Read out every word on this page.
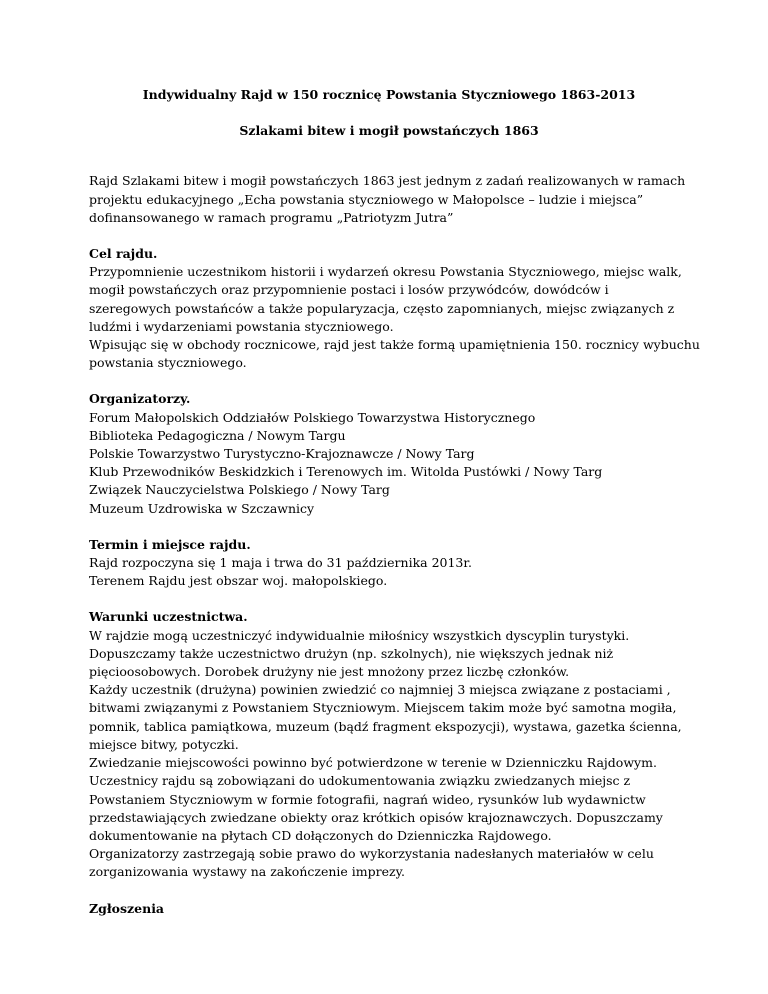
Indywidualny Rajd w 150 rocznicę Powstania Styczniowego 1863-2013

Szlakami bitew i mogił powstańczych 1863

Rajd Szlakami bitew i mogił powstańczych 1863 jest jednym z zadań realizowanych w ramach
projektu edukacyjnego „Echa powstania styczniowego w Małopolsce – ludzie i miejsca”
dofinansowanego w ramach programu „Patriotyzm Jutra”
Cel rajdu.
Przypomnienie uczestnikom historii i wydarzeń okresu Powstania Styczniowego, miejsc walk,
mogił powstańczych oraz przypomnienie postaci i losów przywódców, dowódców i
szeregowych powstańców a także popularyzacja, często zapomnianych, miejsc związanych z
ludźmi i wydarzeniami powstania styczniowego.
Wpisując się w obchody rocznicowe, rajd jest także formą upamiętnienia 150. rocznicy wybuchu
powstania styczniowego.
Organizatorzy.
Forum Małopolskich Oddziałów Polskiego Towarzystwa Historycznego
Biblioteka Pedagogiczna / Nowym Targu
Polskie Towarzystwo Turystyczno-Krajoznawcze / Nowy Targ
Klub Przewodników Beskidzkich i Terenowych im. Witolda Pustówki / Nowy Targ
Związek Nauczycielstwa Polskiego / Nowy Targ
Muzeum Uzdrowiska w Szczawnicy
Termin i miejsce rajdu.
Rajd rozpoczyna się 1 maja i trwa do 31 października 2013r.
Terenem Rajdu jest obszar woj. małopolskiego.
Warunki uczestnictwa.
W rajdzie mogą uczestniczyć indywidualnie miłośnicy wszystkich dyscyplin turystyki.
Dopuszczamy także uczestnictwo drużyn (np. szkolnych), nie większych jednak niż
pięcioosobowych. Dorobek drużyny nie jest mnożony przez liczbę członków.
Każdy uczestnik (drużyna) powinien zwiedzić co najmniej 3 miejsca związane z postaciami ,
bitwami związanymi z Powstaniem Styczniowym. Miejscem takim może być samotna mogiła,
pomnik, tablica pamiątkowa, muzeum (bądź fragment ekspozycji), wystawa, gazetka ścienna,
miejsce bitwy, potyczki.
Zwiedzanie miejscowości powinno być potwierdzone w terenie w Dzienniczku Rajdowym.
Uczestnicy rajdu są zobowiązani do udokumentowania związku zwiedzanych miejsc z
Powstaniem Styczniowym w formie fotografii, nagrań wideo, rysunków lub wydawnictw
przedstawiających zwiedzane obiekty oraz krótkich opisów krajoznawczych. Dopuszczamy
dokumentowanie na płytach CD dołączonych do Dzienniczka Rajdowego.
Organizatorzy zastrzegają sobie prawo do wykorzystania nadesłanych materiałów w celu
zorganizowania wystawy na zakończenie imprezy.
Zgłoszenia
